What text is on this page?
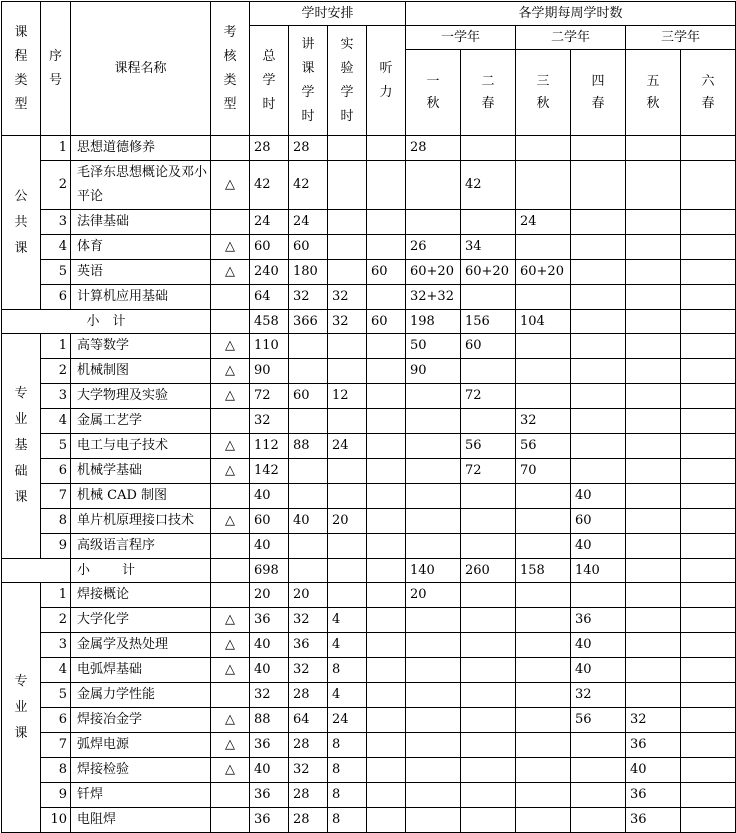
课程类型	序号	课程名称	考核类型	学时安排				各学期每周学时数					

				总学时	讲课学时	实验学时	听力	一学年		二学年		三学年	

								一秋	二春	三秋	四春	五秋	六春

公共课	1	思想道德修养		28	28			28					
	2	毛泽东思想概论及邓小平论	△	42	42				42				
	3	法律基础		24	24					24			
	4	体育	△	60	60			26	34				
	5	英语	△	240	180		60	60+20	60+20	60+20			
	6	计算机应用基础		64	32	32		32+32					
小　计				458	366	32	60	198	156	104			

专业基础课	1	高等数学	△	110				50	60				
	2	机械制图	△	90				90					
	3	大学物理及实验	△	72	60	12			72				
	4	金属工艺学		32						32			
	5	电工与电子技术	△	112	88	24			56	56			
	6	机械学基础	△	142					72	70			
	7	机械 CAD 制图		40							40		
	8	单片机原理接口技术	△	60	40	20					60		
	9	高级语言程序		40							40		
		小　　计		698				140	260	158	140		

专业课	1	焊接概论		20	20			20					
	2	大学化学	△	36	32	4					36		
	3	金属学及热处理	△	40	36	4					40		
	4	电弧焊基础	△	40	32	8					40		
	5	金属力学性能		32	28	4					32		
	6	焊接冶金学	△	88	64	24					56	32	
	7	弧焊电源	△	36	28	8						36	
	8	焊接检验	△	40	32	8						40	
	9	钎焊		36	28	8						36	
	10	电阻焊		36	28	8						36	
